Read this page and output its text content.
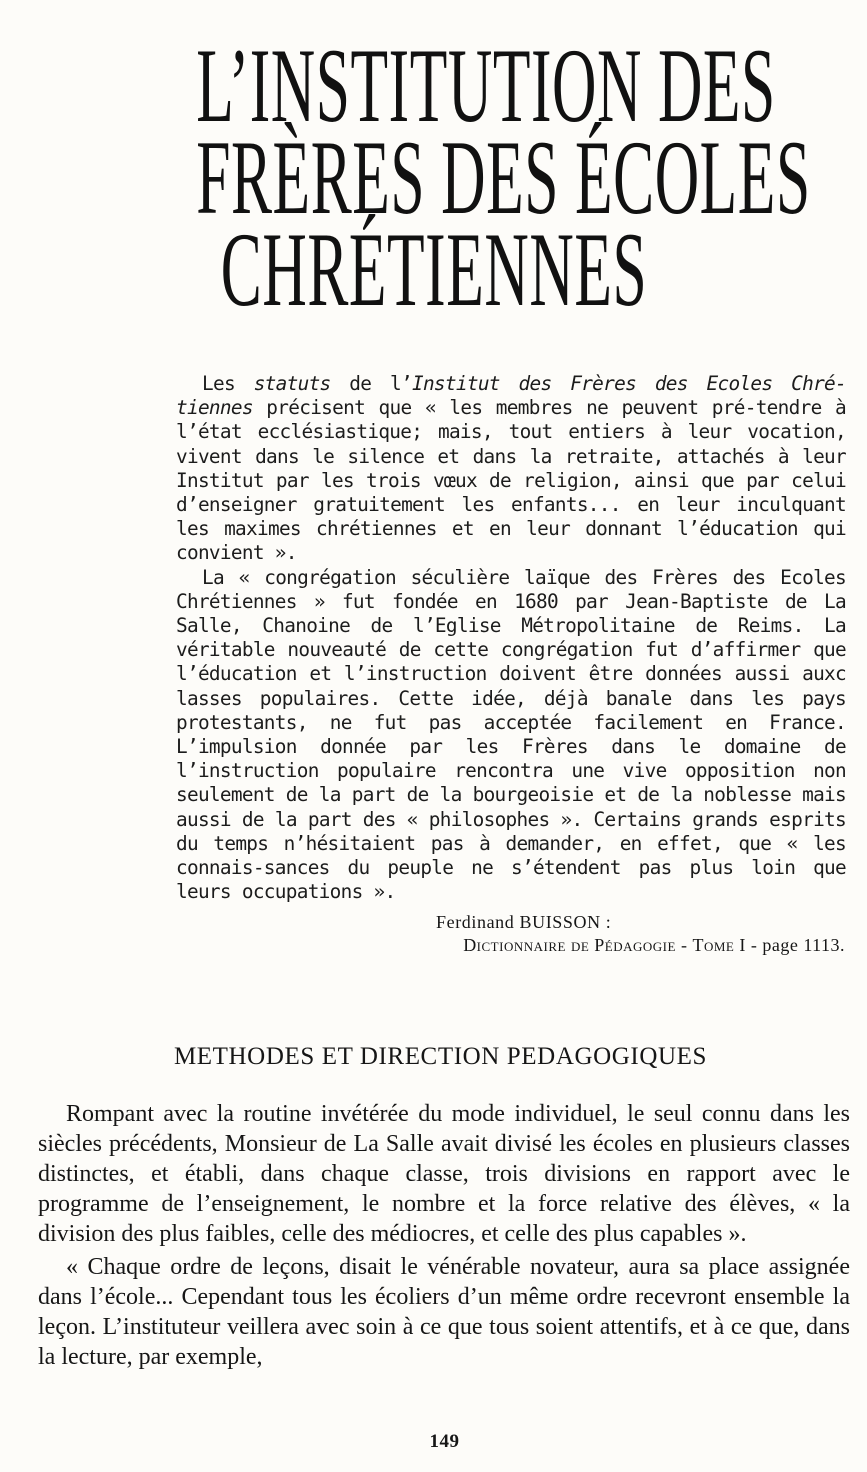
L’INSTITUTION DES
FRÈRES DES ÉCOLES
CHRÉTIENNES

Les statuts de l’Institut des Frères des Ecoles Chré-tiennes précisent que « les membres ne peuvent pré-tendre à l’état ecclésiastique; mais, tout entiers à leur vocation, vivent dans le silence et dans la retraite, attachés à leur Institut par les trois vœux de religion, ainsi que par celui d’enseigner gratuitement les enfants... en leur inculquant les maximes chrétiennes et en leur donnant l’éducation qui convient ».

La « congrégation séculière laïque des Frères des Ecoles Chrétiennes » fut fondée en 1680 par Jean-Baptiste de La Salle, Chanoine de l’Eglise Métropolitaine de Reims. La véritable nouveauté de cette congrégation fut d’affirmer que l’éducation et l’instruction doivent être données aussi auxc lasses populaires. Cette idée, déjà banale dans les pays protestants, ne fut pas acceptée facilement en France. L’impulsion donnée par les Frères dans le domaine de l’instruction populaire rencontra une vive opposition non seulement de la part de la bourgeoisie et de la noblesse mais aussi de la part des « philosophes ». Certains grands esprits du temps n’hésitaient pas à demander, en effet, que « les connais-sances du peuple ne s’étendent pas plus loin que leurs occupations ».

Ferdinand BUISSON :
Dictionnaire de Pédagogie - Tome I - page 1113.
METHODES ET DIRECTION PEDAGOGIQUES

Rompant avec la routine invétérée du mode individuel, le seul connu dans les siècles précédents, Monsieur de La Salle avait divisé les écoles en plusieurs classes distinctes, et établi, dans chaque classe, trois divisions en rapport avec le programme de l’enseignement, le nombre et la force relative des élèves, « la division des plus faibles, celle des médiocres, et celle des plus capables ».

« Chaque ordre de leçons, disait le vénérable novateur, aura sa place assignée dans l’école... Cependant tous les écoliers d’un même ordre recevront ensemble la leçon. L’instituteur veillera avec soin à ce que tous soient attentifs, et à ce que, dans la lecture, par exemple,

149
